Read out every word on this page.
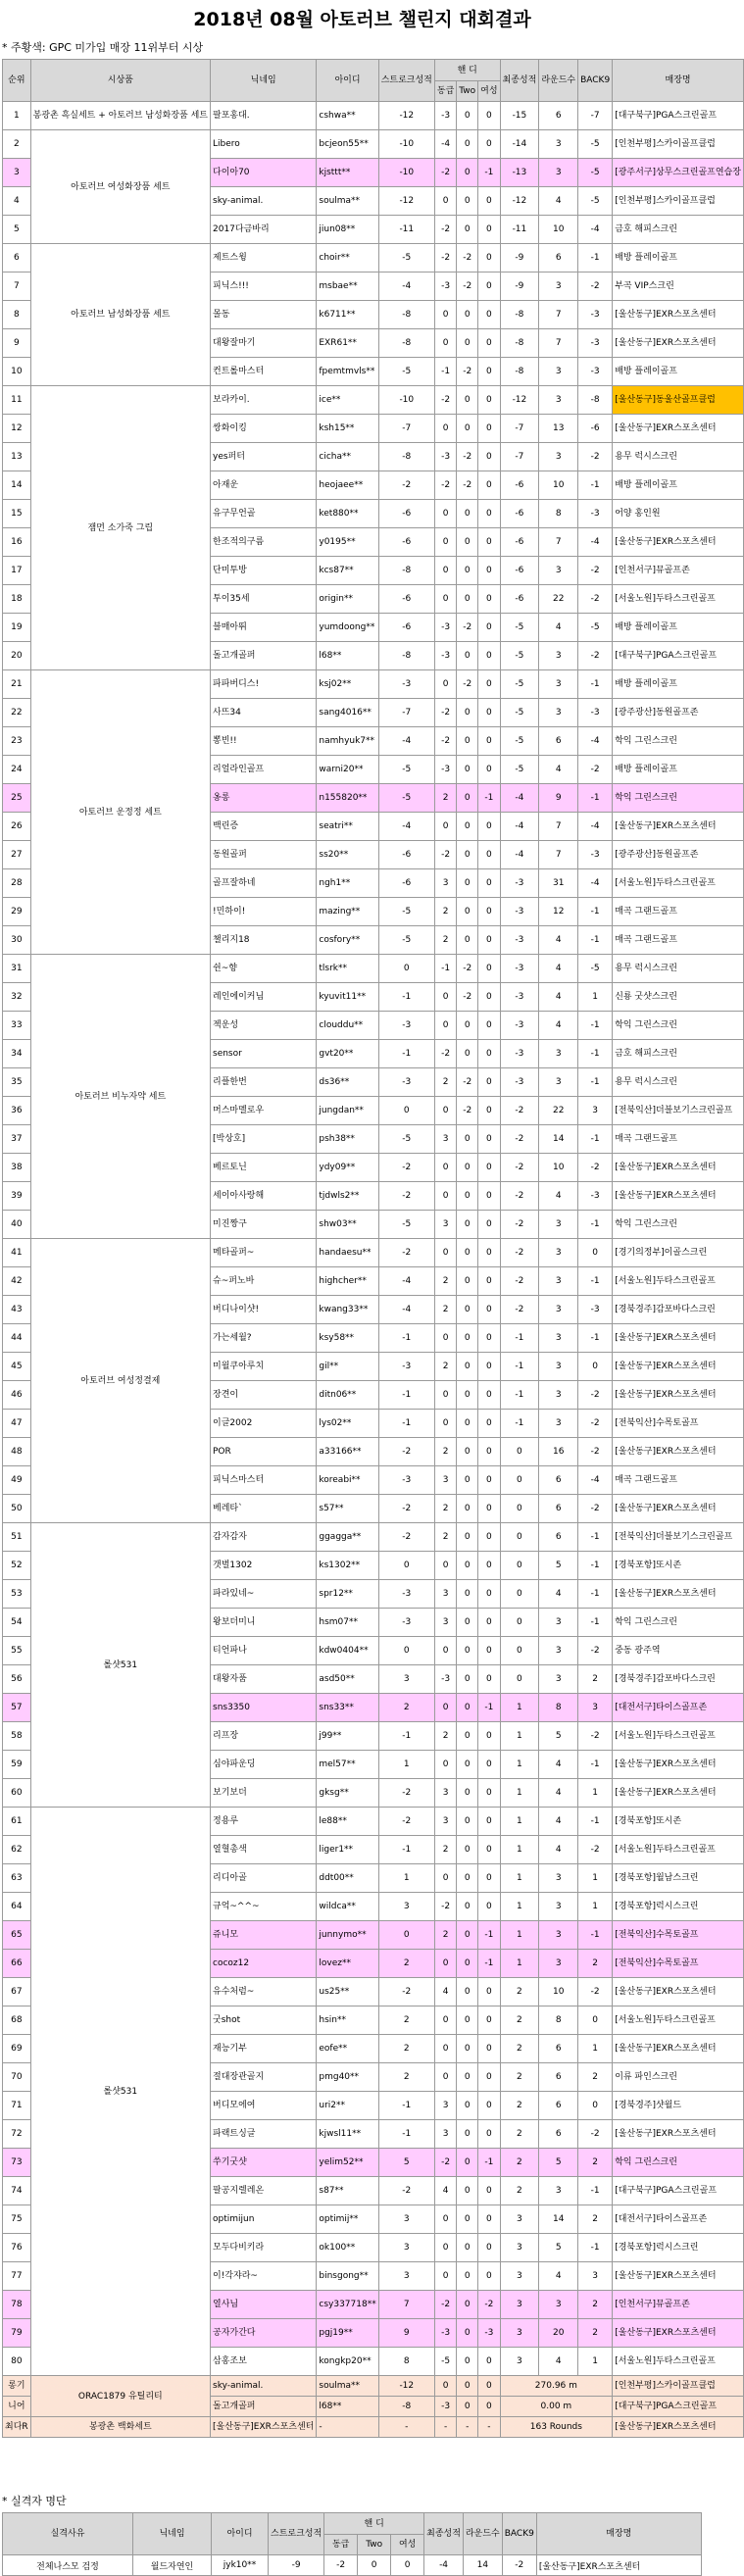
2018년 08월 아토러브 챌린지 대회결과
* 주황색: GPC 미가입 매장 11위부터 시상
순위	시상품	닉네임	아이디	스트로크성적	핸 디			최종성적	라운드수	BACK9	매장명
					동급	Two	여성				
1	봉광촌 흑실세트 + 아토러브 남성화장품 세트	팔포홍대.	cshwa**	-12	-3	0	0	-15	6	-7	[대구북구]PGA스크린골프
2	아토러브 여성화장품 세트	Libero	bcjeon55**	-10	-4	0	0	-14	3	-5	[인천부평]스카이골프클럽
3		다이아70	kjsttt**	-10	-2	0	-1	-13	3	-5	[광주서구]상무스크린골프연습장
4		sky-animal.	soulma**	-12	0	0	0	-12	4	-5	[인천부평]스카이골프클럽
5		2017다금바리	jiun08**	-11	-2	0	0	-11	10	-4	금호 해피스크린
6	아토러브 남성화장품 세트	제트스윙	choir**	-5	-2	-2	0	-9	6	-1	배방 플레이골프
7		피닉스!!!	msbae**	-4	-3	-2	0	-9	3	-2	부곡 VIP스크린
8		몰동	k6711**	-8	0	0	0	-8	7	-3	[울산동구]EXR스포츠센터
9		대왕잘마기	EXR61**	-8	0	0	0	-8	7	-3	[울산동구]EXR스포츠센터
10		컨트롤마스터	fpemtmvls**	-5	-1	-2	0	-8	3	-3	배방 플레이골프
11	잼먼 소가죽 그립	보라카이.	ice**	-10	-2	0	0	-12	3	-8	[울산동구]동울산골프클럽
12		쌍화이킹	ksh15**	-7	0	0	0	-7	13	-6	[울산동구]EXR스포츠센터
13		yes퍼터	cicha**	-8	-3	-2	0	-7	3	-2	용무 럭시스크린
14		아재운	heojaee**	-2	-2	-2	0	-6	10	-1	배방 플레이골프
15		유구무언골	ket880**	-6	0	0	0	-6	8	-3	어양 홍인원
16		한조적의구름	y0195**	-6	0	0	0	-6	7	-4	[울산동구]EXR스포츠센터
17		단미투방	kcs87**	-8	0	0	0	-6	3	-2	[인천서구]뮤골프존
18		투이35세	origin**	-6	0	0	0	-6	22	-2	[서울노원]두타스크린골프
19		블매아뛰	yumdoong**	-6	-3	-2	0	-5	4	-5	배방 플레이골프
20		돌고개골퍼	l68**	-8	-3	0	0	-5	3	-2	[대구북구]PGA스크린골프
21	아토러브 운정정 세트	파파버디스!	ksj02**	-3	0	-2	0	-5	3	-1	배방 플레이골프
22		사뜨34	sang4016**	-7	-2	0	0	-5	3	-3	[광주광산]동원골프존
23		뽕빈!!	namhyuk7**	-4	-2	0	0	-5	6	-4	학익 그린스크린
24		리얼라인골프	warni20**	-5	-3	0	0	-5	4	-2	배방 플레이골프
25		옹롱	n155820**	-5	2	0	-1	-4	9	-1	학익 그린스크린
26		백린증	seatri**	-4	0	0	0	-4	7	-4	[울산동구]EXR스포츠센터
27		동원골퍼	ss20**	-6	-2	0	0	-4	7	-3	[광주광산]동원골프존
28		골프잘하네	ngh1**	-6	3	0	0	-3	31	-4	[서울노원]두타스크린골프
29		!민하이!	mazing**	-5	2	0	0	-3	12	-1	매곡 그랜드골프
30		챌리지18	cosfory**	-5	2	0	0	-3	4	-1	매곡 그랜드골프
31	아토러브 비누자약 세트	쉰~향	tlsrk**	0	-1	-2	0	-3	4	-5	용무 럭시스크린
32		레인에이커님	kyuvit11**	-1	0	-2	0	-3	4	1	신룡 굿샷스크린
33		젝운성	clouddu**	-3	0	0	0	-3	4	-1	학익 그린스크린
34		sensor	gvt20**	-1	-2	0	0	-3	3	-1	금호 해피스크린
35		리플한번	ds36**	-3	2	-2	0	-3	3	-1	용무 럭시스크린
36		머스마멜로우	jungdan**	0	0	-2	0	-2	22	3	[전북익산]더블보기스크린골프
37		[박상호]	psh38**	-5	3	0	0	-2	14	-1	매곡 그랜드골프
38		베르토닌	ydy09**	-2	0	0	0	-2	10	-2	[울산동구]EXR스포츠센터
39		세이아사랑해	tjdwls2**	-2	0	0	0	-2	4	-3	[울산동구]EXR스포츠센터
40		미진짱구	shw03**	-5	3	0	0	-2	3	-1	학익 그린스크린
41	아토러브 여성정결제	메타골퍼~	handaesu**	-2	0	0	0	-2	3	0	[경기의정부]이골스크린
42		슈~퍼노바	highcher**	-4	2	0	0	-2	3	-1	[서울노원]두타스크린골프
43		버디나이샷!	kwang33**	-4	2	0	0	-2	3	-3	[경북경주]감포바다스크린
44		가는세월?	ksy58**	-1	0	0	0	-1	3	-1	[울산동구]EXR스포츠센터
45		미월쿠아루치	gil**	-3	2	0	0	-1	3	0	[울산동구]EXR스포츠센터
46		장견이	ditn06**	-1	0	0	0	-1	3	-2	[울산동구]EXR스포츠센터
47		이글2002	lys02**	-1	0	0	0	-1	3	-2	[전북익산]수목토골프
48		POR	a33166**	-2	2	0	0	0	16	-2	[울산동구]EXR스포츠센터
49		피닉스마스터	koreabi**	-3	3	0	0	0	6	-4	매곡 그랜드골프
50		베레타`	s57**	-2	2	0	0	0	6	-2	[울산동구]EXR스포츠센터
51	롤샷531	감자감자	ggagga**	-2	2	0	0	0	6	-1	[전북익산]더블보기스크린골프
52		갯벌1302	ks1302**	0	0	0	0	0	5	-1	[경북포항]또시존
53		파라있네~	spr12**	-3	3	0	0	0	4	-1	[울산동구]EXR스포츠센터
54		왕보더미니	hsm07**	-3	3	0	0	0	3	-1	학익 그린스크린
55		티언파나	kdw0404**	0	0	0	0	0	3	-2	중동 광주역
56		대왕자품	asd50**	3	-3	0	0	0	3	2	[경북경주]감포바다스크린
57		sns3350	sns33**	2	0	0	-1	1	8	3	[대전서구]타이스골프존
58		리프장	j99**	-1	2	0	0	1	5	-2	[서울노원]두타스크린골프
59		심야파운딩	mel57**	1	0	0	0	1	4	-1	[울산동구]EXR스포츠센터
60		보기보더	gksg**	-2	3	0	0	1	4	1	[울산동구]EXR스포츠센터
61	롤샷531	정용루	le88**	-2	3	0	0	1	4	-1	[경북포항]또시존
62		열혈총색	liger1**	-1	2	0	0	1	4	-2	[서울노원]두타스크린골프
63		리디아골	ddt00**	1	0	0	0	1	3	1	[경북포항]월남스크린
64		규억~^^~	wildca**	3	-2	0	0	1	3	1	[경북포항]럭시스크린
65		쥬니모	junnymo**	0	2	0	-1	1	3	-1	[전북익산]수목토골프
66		cocoz12	lovez**	2	0	0	-1	1	3	2	[전북익산]수목토골프
67		유수처럼~	us25**	-2	4	0	0	2	10	-2	[울산동구]EXR스포츠센터
68		굿shot	hsin**	2	0	0	0	2	8	0	[서울노원]두타스크린골프
69		재능기부	eofe**	2	0	0	0	2	6	1	[울산동구]EXR스포츠센터
70		절대장관골지	pmg40**	2	0	0	0	2	6	2	이류 파인스크린
71		버디모에여	uri2**	-1	3	0	0	2	6	0	[경북경주]샷월드
72		파랙트싱글	kjwsl11**	-1	3	0	0	2	6	-2	[울산동구]EXR스포츠센터
73		쑤기굿샷	yelim52**	5	-2	0	-1	2	5	2	학익 그린스크린
74		팔공지렐레온	s87**	-2	4	0	0	2	3	-1	[대구북구]PGA스크린골프
75		optimijun	optimij**	3	0	0	0	3	14	2	[대전서구]타이스골프존
76		모두다비키라	ok100**	3	0	0	0	3	5	-1	[경북포항]럭시스크린
77		이!각쟈라~	binsgong**	3	0	0	0	3	4	3	[울산동구]EXR스포츠센터
78		열사님	csy337718**	7	-2	0	-2	3	3	2	[인천서구]뮤골프존
79		공자가간다	pgj19**	9	-3	0	-3	3	20	2	[울산동구]EXR스포츠센터
80		삼홍조보	kongkp20**	8	-5	0	0	3	4	1	[서울노원]두타스크린골프
롱기	ORAC1879 유틸리티	sky-animal.	soulma**	-12	0	0	0	270.96 m			[인천부평]스카이골프클럽
니어		돌고개골퍼	l68**	-8	-3	0	0	0.00 m			[대구북구]PGA스크린골프
최다R	봉광촌 백화세트	[울산동구]EXR스포츠센터	-	-	-	-	-	163 Rounds			[울산동구]EXR스포츠센터
* 실격자 명단
실격사유	닉네임	아이디	스트로크성적	핸 디			최종성적	라운드수	BACK9	매장명
				동급	Two	여성				
전체나스모 검정	월드자연인	jyk10**	-9	-2	0	0	-4	14	-2	[울산동구]EXR스포츠센터
